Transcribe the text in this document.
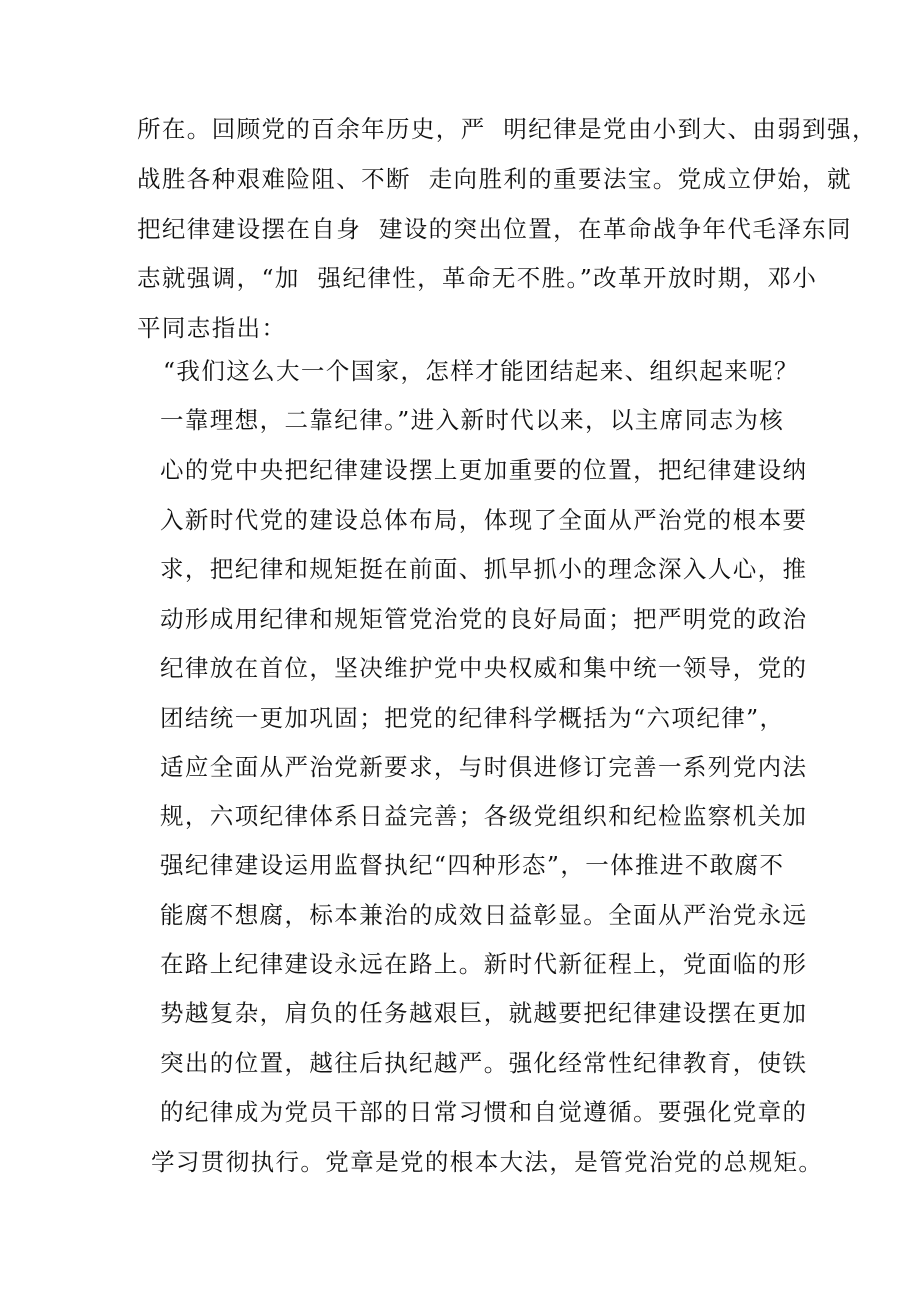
所在。回顾党的百余年历史，严  明纪律是党由小到大、由弱到强，
战胜各种艰难险阻、不断  走向胜利的重要法宝。党成立伊始，就
把纪律建设摆在自身  建设的突出位置，在革命战争年代毛泽东同
志就强调，“加  强纪律性，革命无不胜。”改革开放时期，邓小
平同志指出：
“我们这么大一个国家，怎样才能团结起来、组织起来呢？
一靠理想，二靠纪律。”进入新时代以来，以主席同志为核
心的党中央把纪律建设摆上更加重要的位置，把纪律建设纳
入新时代党的建设总体布局，体现了全面从严治党的根本要
求，把纪律和规矩挺在前面、抓早抓小的理念深入人心，推
动形成用纪律和规矩管党治党的良好局面；把严明党的政治
纪律放在首位，坚决维护党中央权威和集中统一领导，党的
团结统一更加巩固；把党的纪律科学概括为“六项纪律”，
适应全面从严治党新要求，与时俱进修订完善一系列党内法
规，六项纪律体系日益完善；各级党组织和纪检监察机关加
强纪律建设运用监督执纪“四种形态”，一体推进不敢腐不
能腐不想腐，标本兼治的成效日益彰显。全面从严治党永远
在路上纪律建设永远在路上。新时代新征程上，党面临的形
势越复杂，肩负的任务越艰巨，就越要把纪律建设摆在更加
突出的位置，越往后执纪越严。强化经常性纪律教育，使铁
的纪律成为党员干部的日常习惯和自觉遵循。要强化党章的
学习贯彻执行。党章是党的根本大法，是管党治党的总规矩。
